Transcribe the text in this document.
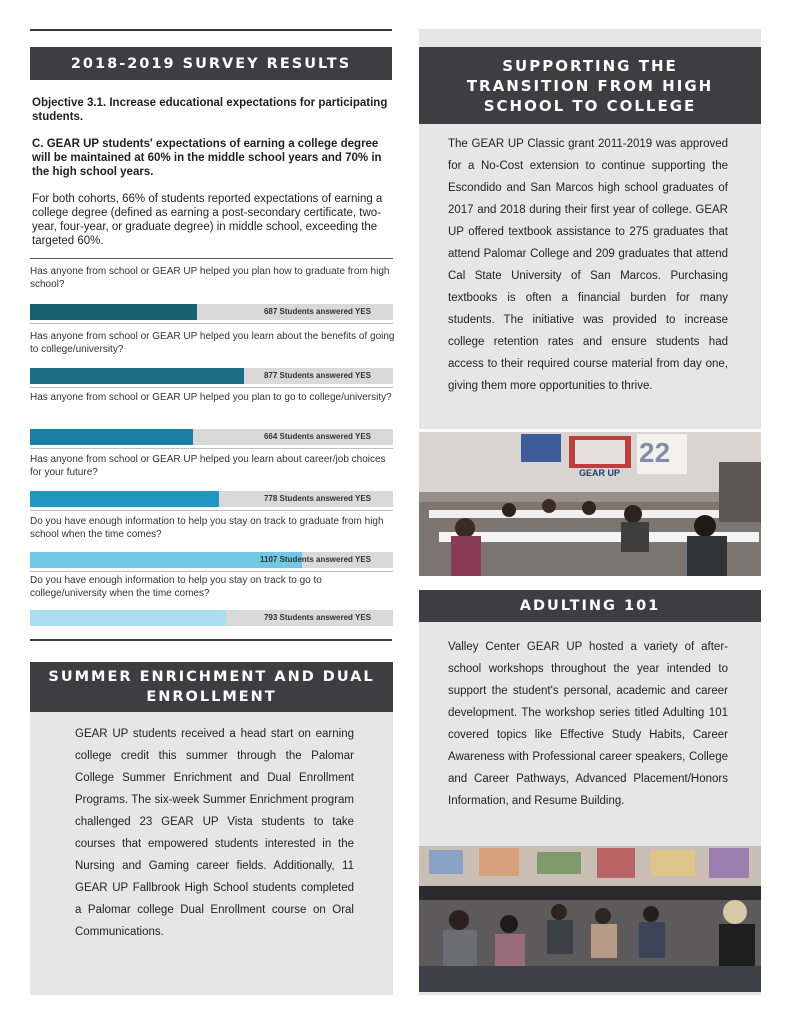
2018-2019 SURVEY RESULTS
Objective 3.1. Increase educational expectations for participating students.
C. GEAR UP students' expectations of earning a college degree will be maintained at 60% in the middle school years and 70% in the high school years.
For both cohorts, 66% of students reported expectations of earning a college degree (defined as earning a post-secondary certificate, two-year, four-year, or graduate degree) in middle school, exceeding the targeted 60%.
Has anyone from school or GEAR UP helped you plan how to graduate from high school?
687 Students answered YES
Has anyone from school or GEAR UP helped you learn about the benefits of going to college/university?
877 Students answered YES
Has anyone from school or GEAR UP helped you plan to go to college/university?
664 Students answered YES
Has anyone from school or GEAR UP helped you learn about career/job choices for your future?
778 Students answered YES
Do you have enough information to help you stay on track to graduate from high school when the time comes?
1107 Students answered YES
Do you have enough information to help you stay on track to go to college/university when the time comes?
793 Students answered YES
SUMMER ENRICHMENT AND DUAL ENROLLMENT
GEAR UP students received a head start on earning college credit this summer through the Palomar College Summer Enrichment and Dual Enrollment Programs. The six-week Summer Enrichment program challenged 23 GEAR UP Vista students to take courses that empowered students interested in the Nursing and Gaming career fields. Additionally, 11 GEAR UP Fallbrook High School students completed a Palomar college Dual Enrollment course on Oral Communications.
SUPPORTING THE TRANSITION FROM HIGH SCHOOL TO COLLEGE
The GEAR UP Classic grant 2011-2019 was approved for a No-Cost extension to continue supporting the Escondido and San Marcos high school graduates of 2017 and 2018 during their first year of college. GEAR UP offered textbook assistance to 275 graduates that attend Palomar College and 209 graduates that attend Cal State University of San Marcos. Purchasing textbooks is often a financial burden for many students. The initiative was provided to increase college retention rates and ensure students had access to their required course material from day one, giving them more opportunities to thrive.
22
GEAR UP
ADULTING 101
Valley Center GEAR UP hosted a variety of after-school workshops throughout the year intended to support the student's personal, academic and career development. The workshop series titled Adulting 101 covered topics like Effective Study Habits, Career Awareness with Professional career speakers, College and Career Pathways, Advanced Placement/Honors Information, and Resume Building.
